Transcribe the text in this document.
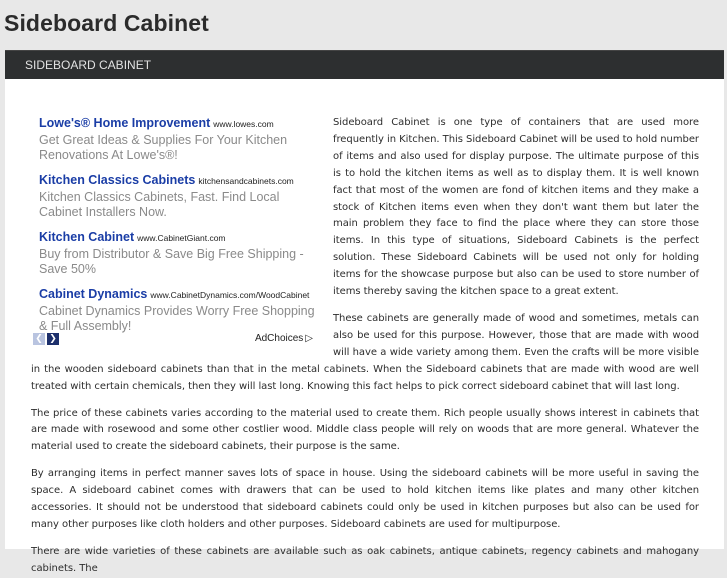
Sideboard Cabinet
SIDEBOARD CABINET
Lowe's® Home Improvement www.lowes.com
Get Great Ideas & Supplies For Your Kitchen Renovations At Lowe's®!
Kitchen Classics Cabinets kitchensandcabinets.com
Kitchen Classics Cabinets, Fast. Find Local Cabinet Installers Now.
Kitchen Cabinet www.CabinetGiant.com
Buy from Distributor & Save Big Free Shipping - Save 50%
Cabinet Dynamics www.CabinetDynamics.com/WoodCabinet
Cabinet Dynamics Provides Worry Free Shopping & Full Assembly!
❮ ❯	AdChoices ▷

Sideboard Cabinet is one type of containers that are used more frequently in Kitchen. This Sideboard Cabinet will be used to hold number of items and also used for display purpose. The ultimate purpose of this is to hold the kitchen items as well as to display them. It is well known fact that most of the women are fond of kitchen items and they make a stock of Kitchen items even when they don't want them but later the main problem they face to find the place where they can store those items. In this type of situations, Sideboard Cabinets is the perfect solution. These Sideboard Cabinets will be used not only for holding items for the showcase purpose but also can be used to store number of items thereby saving the kitchen space to a great extent.

These cabinets are generally made of wood and sometimes, metals can also be used for this purpose. However, those that are made with wood will have a wide variety among them. Even the crafts will be more visible in the wooden sideboard cabinets than that in the metal cabinets. When the Sideboard cabinets that are made with wood are well treated with certain chemicals, then they will last long. Knowing this fact helps to pick correct sideboard cabinet that will last long.

The price of these cabinets varies according to the material used to create them. Rich people usually shows interest in cabinets that are made with rosewood and some other costlier wood. Middle class people will rely on woods that are more general. Whatever the material used to create the sideboard cabinets, their purpose is the same.

By arranging items in perfect manner saves lots of space in house. Using the sideboard cabinets will be more useful in saving the space. A sideboard cabinet comes with drawers that can be used to hold kitchen items like plates and many other kitchen accessories. It should not be understood that sideboard cabinets could only be used in kitchen purposes but also can be used for many other purposes like cloth holders and other purposes. Sideboard cabinets are used for multipurpose.

There are wide varieties of these cabinets are available such as oak cabinets, antique cabinets, regency cabinets and mahogany cabinets. The
